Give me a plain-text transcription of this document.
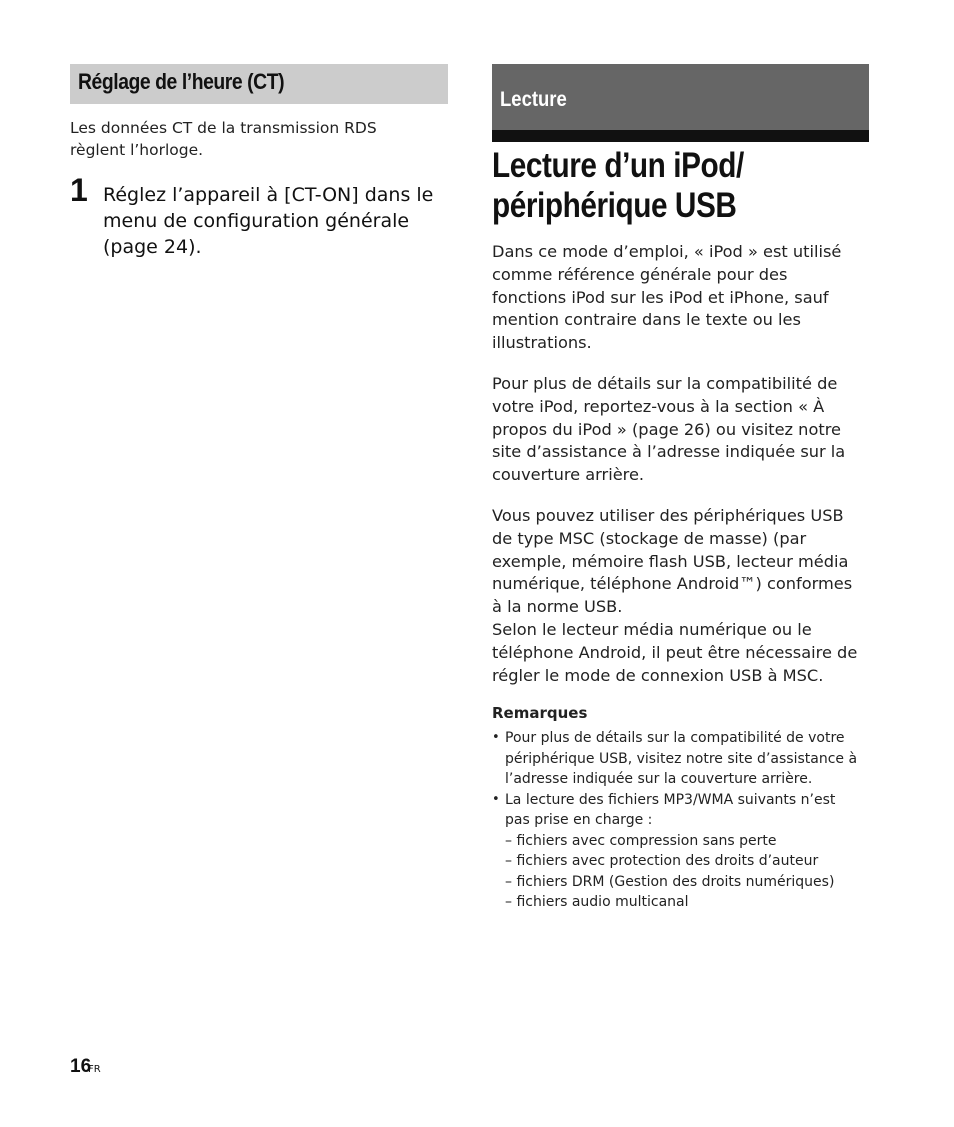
Réglage de l’heure (CT)
Les données CT de la transmission RDS
règlent l’horloge.
1 Réglez l’appareil à [CT-ON] dans le
menu de configuration générale
(page 24).
Lecture
Lecture d’un iPod/
périphérique USB
Dans ce mode d’emploi, « iPod » est utilisé
comme référence générale pour des
fonctions iPod sur les iPod et iPhone, sauf
mention contraire dans le texte ou les
illustrations.
Pour plus de détails sur la compatibilité de
votre iPod, reportez-vous à la section « À
propos du iPod » (page 26) ou visitez notre
site d’assistance à l’adresse indiquée sur la
couverture arrière.
Vous pouvez utiliser des périphériques USB
de type MSC (stockage de masse) (par
exemple, mémoire flash USB, lecteur média
numérique, téléphone Android™) conformes
à la norme USB.
Selon le lecteur média numérique ou le
téléphone Android, il peut être nécessaire de
régler le mode de connexion USB à MSC.
Remarques
• Pour plus de détails sur la compatibilité de votre
périphérique USB, visitez notre site d’assistance à
l’adresse indiquée sur la couverture arrière.
• La lecture des fichiers MP3/WMA suivants n’est
pas prise en charge :
– fichiers avec compression sans perte
– fichiers avec protection des droits d’auteur
– fichiers DRM (Gestion des droits numériques)
– fichiers audio multicanal
16
FR
